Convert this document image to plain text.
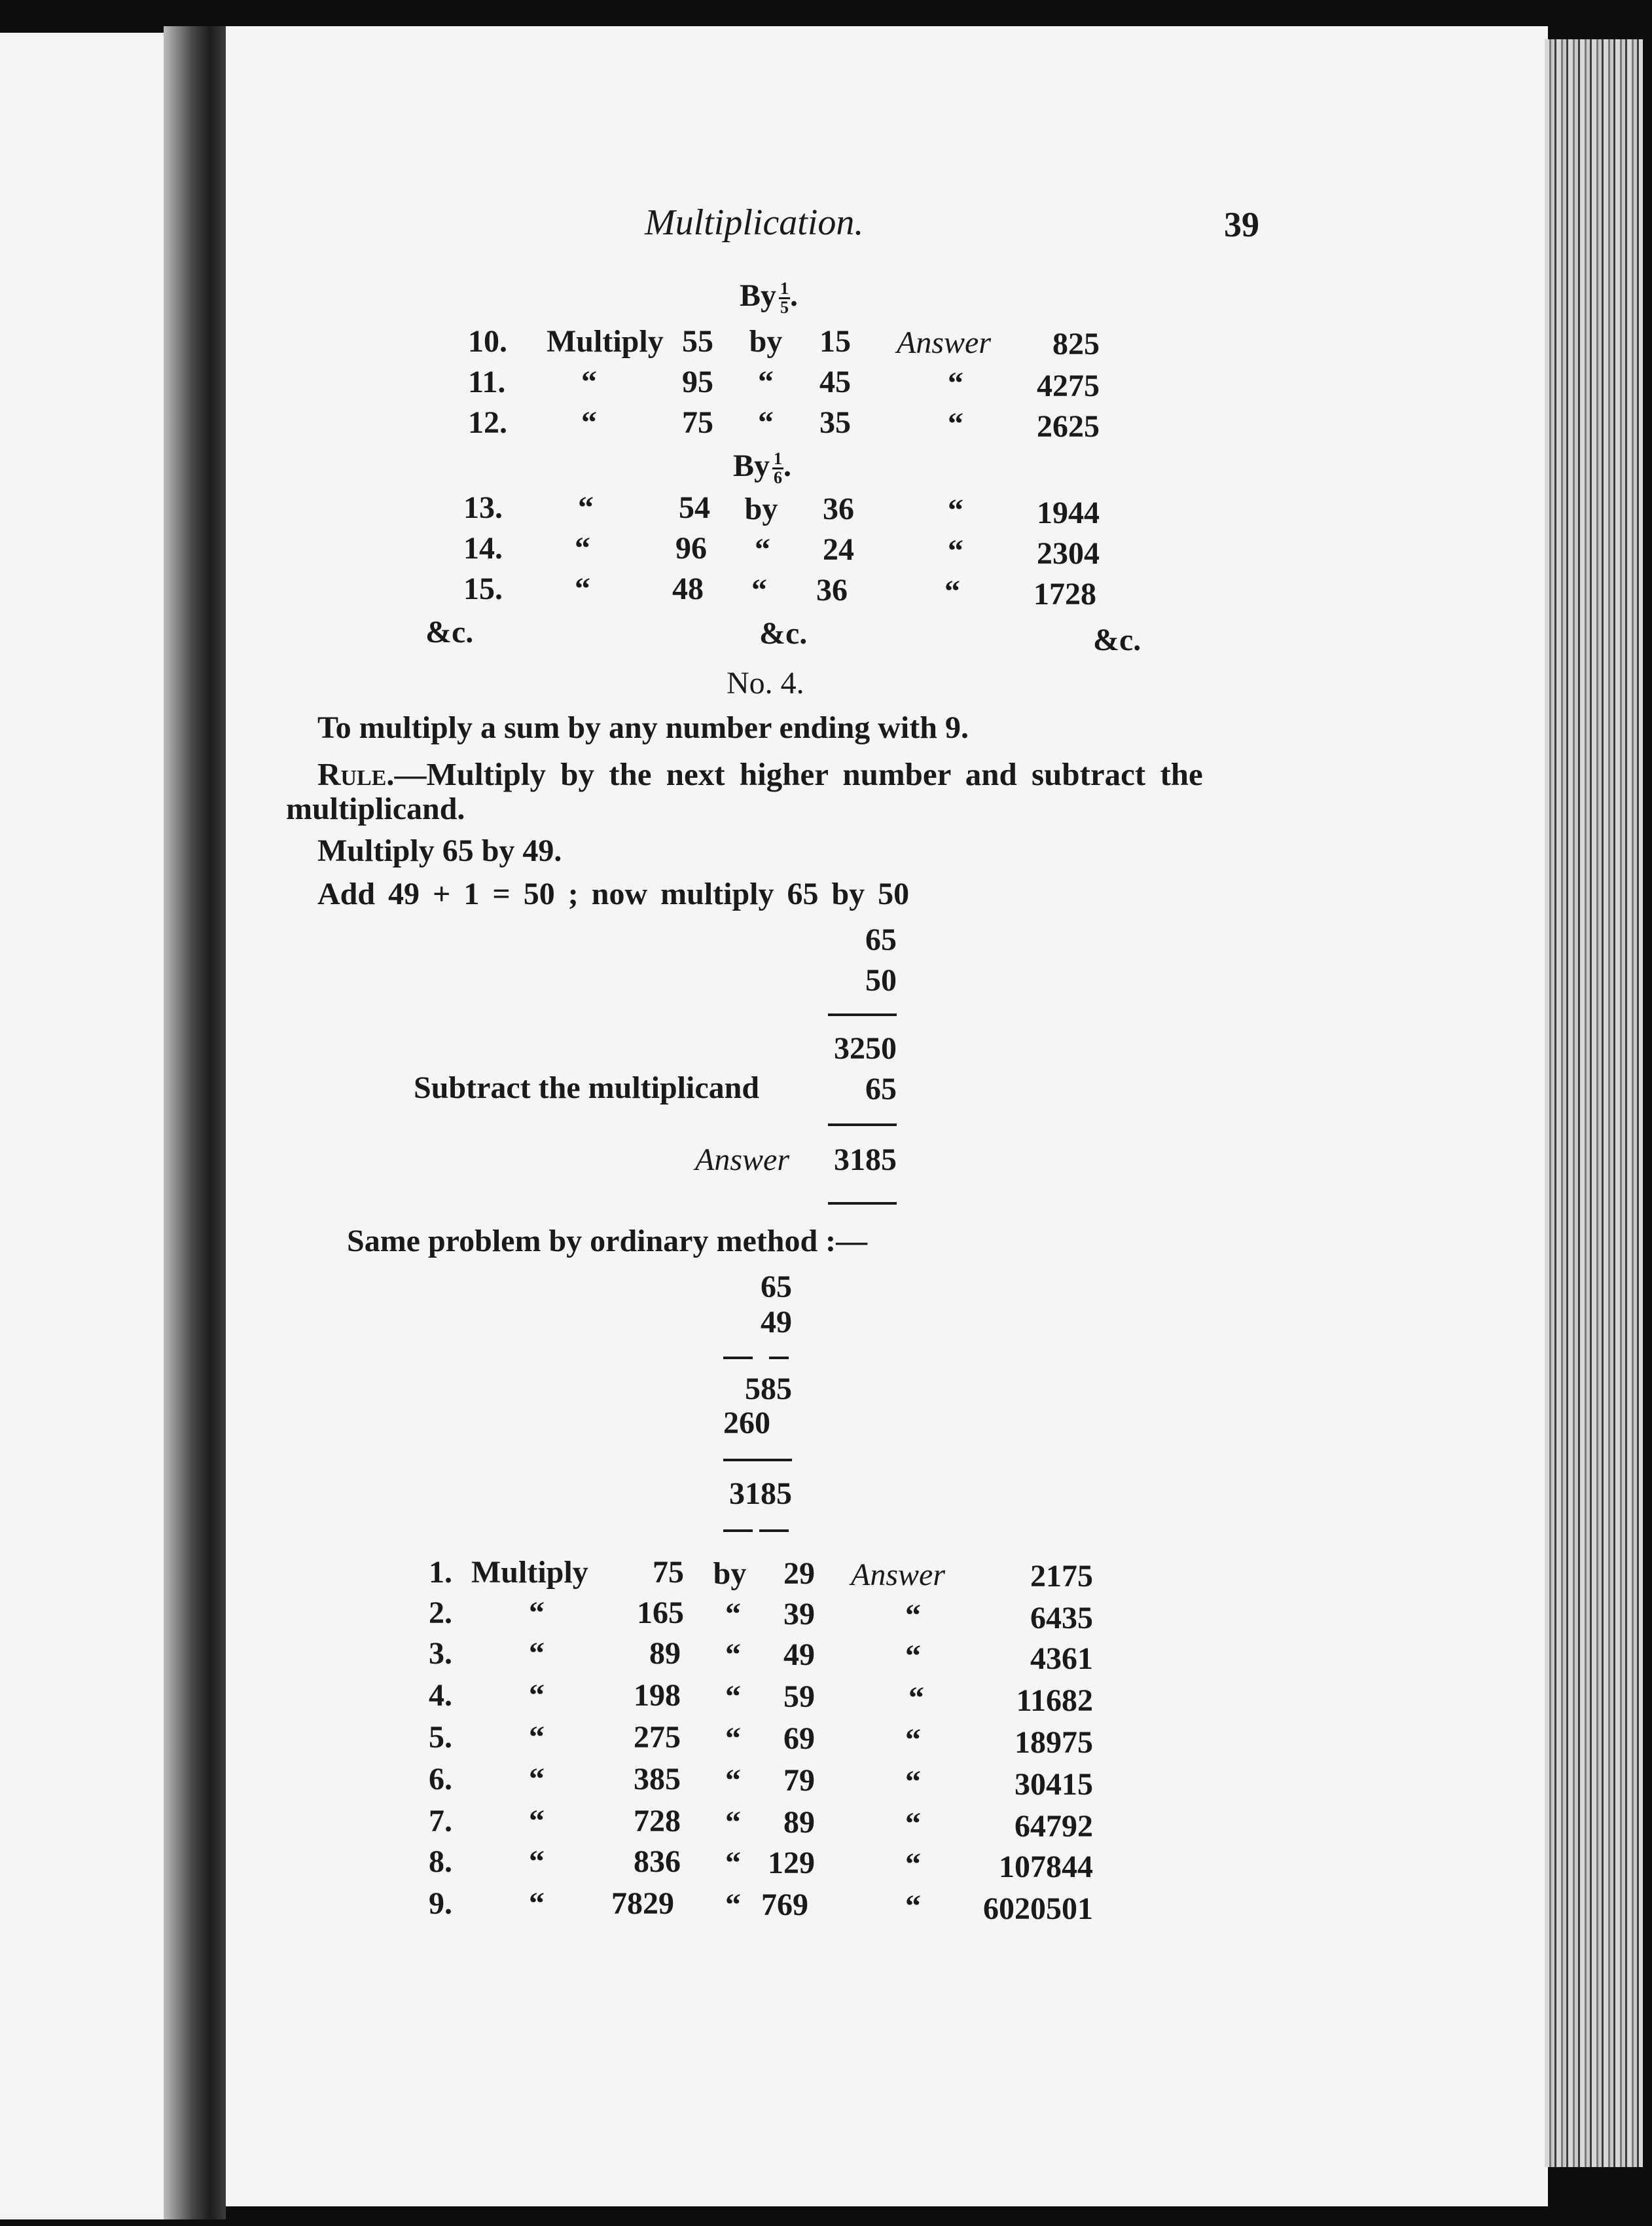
Multiplication.	39
By $\frac{1}{5}$ .
10. Multiply 55	by	15 Answer	825
11.	“	95	“	45	“	4275
12.	“	75	“	35	“	2625
By $\frac{1}{6}$ .
13.	“	54	by	36	“	1944
14.	“	96	“	24	“	2304
15.	“	48	“	36	“	1728
&c.	&c.	&c.
No. 4.
To multiply a sum by any number ending with 9.
Rule.—Multiply by the next higher number and subtract the
multiplicand.
Multiply 65 by 49.
Add 49 + 1 = 50 ; now multiply 65 by 50
65
50
3250
Subtract the multiplicand	65
Answer	3185
Same problem by ordinary method :—
65
49
585
260
3185
1. Multiply	75 by	29 Answer	2175
2.	“	165	“	39	“	6435
3.	“	89	“	49	“	4361
4.	“	198	“	59	“	11682
5.	“	275	“	69	“	18975
6.	“	385	“	79	“	30415
7.	“	728	“	89	“	64792
8.	“	836	“ 129	“	107844
9.	“	7829	“ 769	“	6020501
